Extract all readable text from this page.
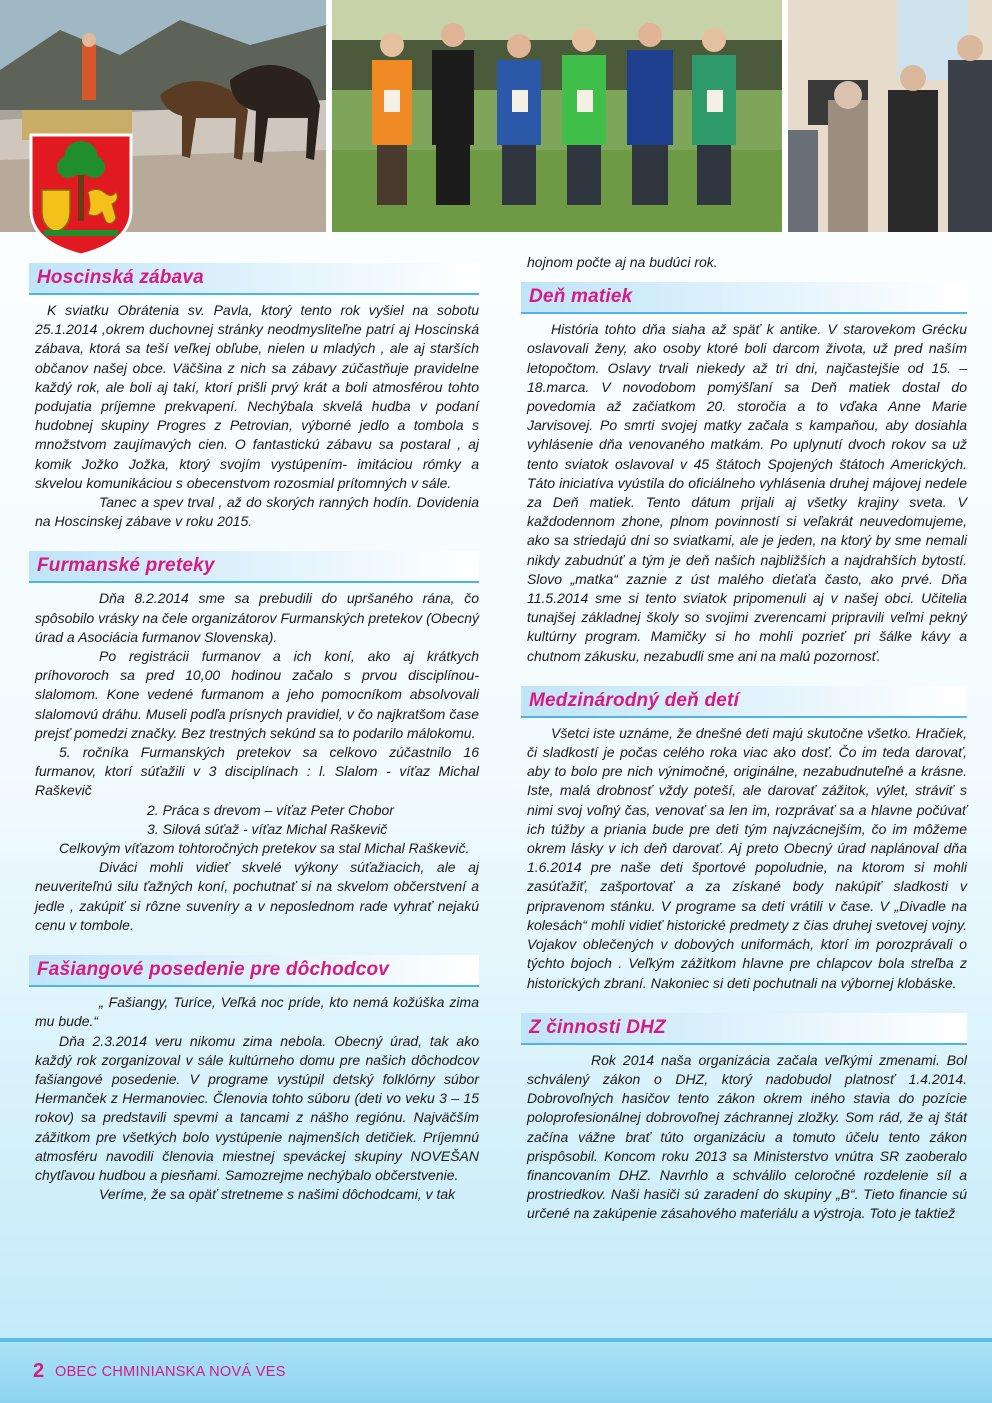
Hoscinská zábava

K sviatku Obrátenia sv. Pavla, ktorý tento rok vyšiel na sobotu 25.1.2014 ,okrem duchovnej stránky neodmysliteľne patrí aj Hoscinská zábava, ktorá sa teší veľkej obľube, nielen u mladých , ale aj starších občanov našej obce. Väčšina z nich sa zábavy zúčastňuje pravidelne každý rok, ale boli aj takí, ktorí prišli prvý krát a boli atmosférou tohto podujatia príjemne prekvapení. Nechýbala skvelá hudba v podaní hudobnej skupiny Progres z Petrovian, výborné jedlo a tombola s množstvom zaujímavých cien. O fantastickú zábavu sa postaral , aj komik Jožko Jožka, ktorý svojím vystúpením- imitáciou rómky a skvelou komunikáciou s obecenstvom rozosmial prítomných v sále.

Tanec a spev trval , až do skorých ranných hodín. Dovidenia na Hoscinskej zábave v roku 2015.

Furmanské preteky

Dňa 8.2.2014 sme sa prebudili do upršaného rána, čo spôsobilo vrásky na čele organizátorov Furmanských pretekov (Obecný úrad a Asociácia furmanov Slovenska).

Po registrácii furmanov a ich koní, ako aj krátkych príhovoroch sa pred 10,00 hodinou začalo s prvou disciplínou- slalomom. Kone vedené furmanom a jeho pomocníkom absolvovali slalomovú dráhu. Museli podľa prísnych pravidiel, v čo najkratšom čase prejsť pomedzi značky. Bez trestných sekúnd sa to podarilo málokomu.

5. ročníka Furmanských pretekov sa celkovo zúčastnilo 16 furmanov, ktorí súťažili v 3 disciplínach : l. Slalom - víťaz Michal Raškevič

2. Práca s drevom – víťaz Peter Chobor

3. Silová súťaž - víťaz Michal Raškevič

Celkovým víťazom tohtoročných pretekov sa stal Michal Raškevič.

Diváci mohli vidieť skvelé výkony súťažiacich, ale aj neuveriteľnú silu ťažných koní, pochutnať si na skvelom občerstvení a jedle , zakúpiť si rôzne suveníry a v neposlednom rade vyhrať nejakú cenu v tombole.

Fašiangové posedenie pre dôchodcov

„ Fašiangy, Turíce, Veľká noc príde, kto nemá kožúška zima mu bude.“

Dňa 2.3.2014 veru nikomu zima nebola. Obecný úrad, tak ako každý rok zorganizoval v sále kultúrneho domu pre našich dôchodcov fašiangové posedenie. V programe vystúpil detský folklórny súbor Hermanček z Hermanoviec. Členovia tohto súboru (deti vo veku 3 – 15 rokov) sa predstavili spevmi a tancami z nášho regiónu. Najväčším zážitkom pre všetkých bolo vystúpenie najmenších detičiek. Príjemnú atmosféru navodili členovia miestnej speváckej skupiny NOVEŠAN chytľavou hudbou a piesňami. Samozrejme nechýbalo občerstvenie.

Veríme, že sa opäť stretneme s našimi dôchodcami, v tak

hojnom počte aj na budúci rok.

Deň matiek

História tohto dňa siaha až späť k antike. V starovekom Grécku oslavovali ženy, ako osoby ktoré boli darcom života, už pred naším letopočtom. Oslavy trvali niekedy až tri dni, najčastejšie od 15. – 18.marca. V novodobom pomýšľaní sa Deň matiek dostal do povedomia až začiatkom 20. storočia a to vďaka Anne Marie Jarvisovej. Po smrti svojej matky začala s kampaňou, aby dosiahla vyhlásenie dňa venovaného matkám. Po uplynutí dvoch rokov sa už tento sviatok oslavoval v 45 štátoch Spojených štátoch Amerických. Táto iniciatíva vyústila do oficiálneho vyhlásenia druhej májovej nedele za Deň matiek. Tento dátum prijali aj všetky krajiny sveta. V každodennom zhone, plnom povinností si veľakrát neuvedomujeme, ako sa striedajú dni so sviatkami, ale je jeden, na ktorý by sme nemali nikdy zabudnúť a tým je deň našich najbližších a najdrahších bytostí. Slovo „matka“ zaznie z úst malého dieťaťa často, ako prvé. Dňa 11.5.2014 sme si tento sviatok pripomenuli aj v našej obci. Učitelia tunajšej základnej školy so svojimi zverencami pripravili veľmi pekný kultúrny program. Mamičky si ho mohli pozrieť pri šálke kávy a chutnom zákusku, nezabudli sme ani na malú pozornosť.

Medzinárodný deň detí

Všetci iste uznáme, že dnešné deti majú skutočne všetko. Hračiek, či sladkostí je počas celého roka viac ako dosť. Čo im teda darovať, aby to bolo pre nich výnimočné, originálne, nezabudnuteľné a krásne. Iste, malá drobnosť vždy poteší, ale darovať zážitok, výlet, stráviť s nimi svoj voľný čas, venovať sa len im, rozprávať sa a hlavne počúvať ich túžby a priania bude pre deti tým najvzácnejším, čo im môžeme okrem lásky v ich deň darovať. Aj preto Obecný úrad naplánoval dňa 1.6.2014 pre naše deti športové popoludnie, na ktorom si mohli zasúťažiť, zašportovať a za získané body nakúpiť sladkosti v pripravenom stánku. V programe sa deti vrátili v čase. V „Divadle na kolesách“ mohli vidieť historické predmety z čias druhej svetovej vojny. Vojakov oblečených v dobových uniformách, ktorí im porozprávali o týchto bojoch . Veľkým zážitkom hlavne pre chlapcov bola streľba z historických zbraní. Nakoniec si deti pochutnali na výbornej klobáske.

Z činnosti DHZ

Rok 2014 naša organizácia začala veľkými zmenami. Bol schválený zákon o DHZ, ktorý nadobudol platnosť 1.4.2014. Dobrovoľných hasičov tento zákon okrem iného stavia do pozície poloprofesionálnej dobrovoľnej záchrannej zložky. Som rád, že aj štát začína vážne brať túto organizáciu a tomuto účelu tento zákon prispôsobil. Koncom roku 2013 sa Ministerstvo vnútra SR zaoberalo financovaním DHZ. Navrhlo a schválilo celoročné rozdelenie síl a prostriedkov. Naši hasiči sú zaradení do skupiny „B“. Tieto financie sú určené na zakúpenie zásahového materiálu a výstroja. Toto je taktiež

2 OBEC CHMINIANSKA NOVÁ VES
